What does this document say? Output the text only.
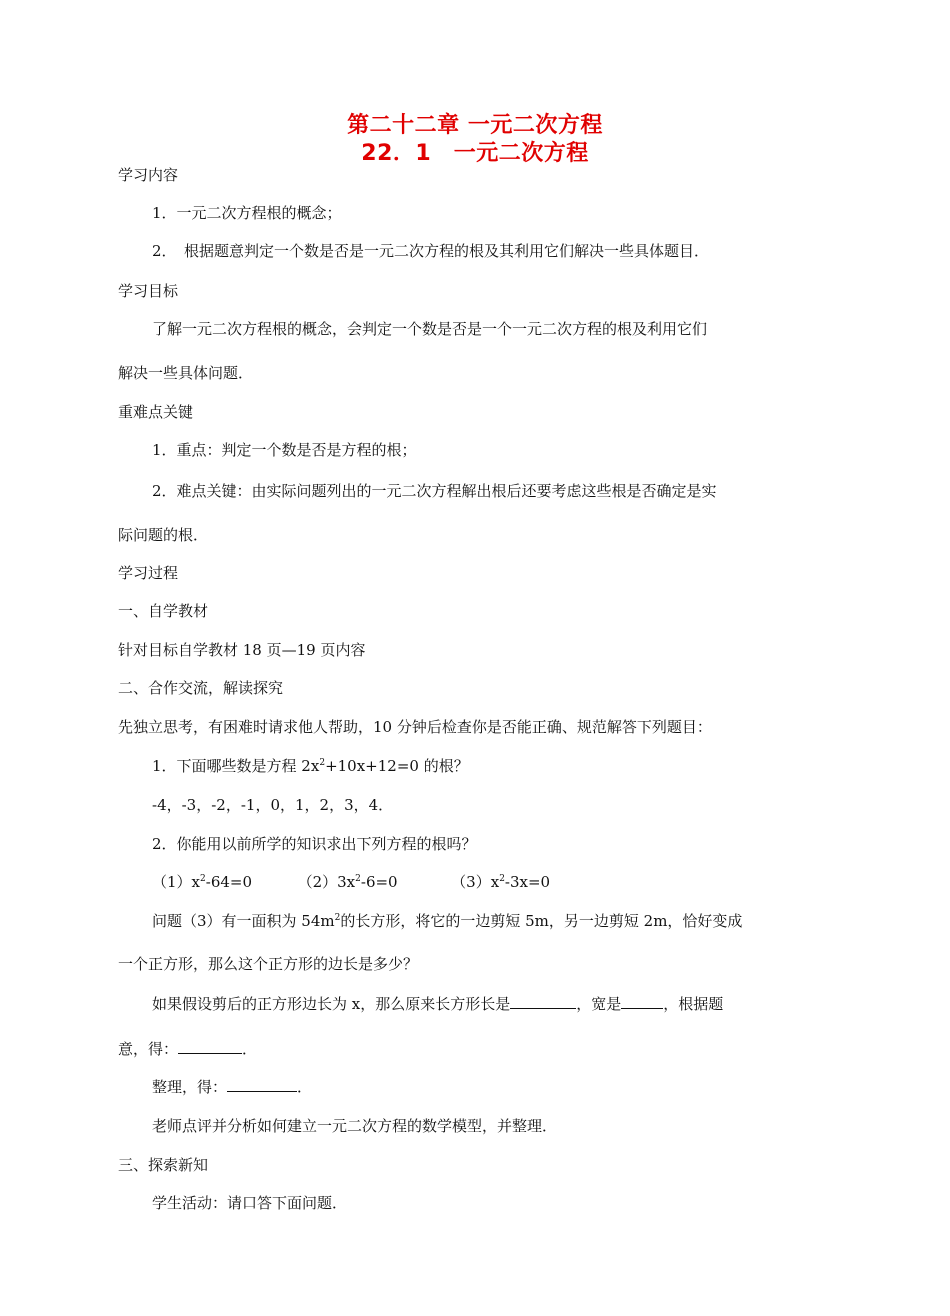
第二十二章 一元二次方程
22．1　一元二次方程
学习内容
1．一元二次方程根的概念；
2．　根据题意判定一个数是否是一元二次方程的根及其利用它们解决一些具体题目．
学习目标
了解一元二次方程根的概念，会判定一个数是否是一个一元二次方程的根及利用它们
解决一些具体问题．
重难点关键
1．重点：判定一个数是否是方程的根；
2．难点关键：由实际问题列出的一元二次方程解出根后还要考虑这些根是否确定是实
际问题的根．
学习过程
一、自学教材
针对目标自学教材 18 页—19 页内容
二、合作交流，解读探究
先独立思考，有困难时请求他人帮助，10 分钟后检查你是否能正确、规范解答下列题目：
1．下面哪些数是方程 $2x^2+10x+12=0$ 的根？
-4，-3，-2，-1，0，1，2，3，4．
2．你能用以前所学的知识求出下列方程的根吗？
$(1)x^2-64=0$	$(2)3x^2-6=0$	$(3)x^2-3x=0$
问题（3）有一面积为 $54m^2$的长方形，将它的一边剪短 5m，另一边剪短 2m，恰好变成
一个正方形，那么这个正方形的边长是多少？
如果假设剪后的正方形边长为 x，那么原来长方形长是	，宽是	，根据题
意，得：	．
整理，得：	．
老师点评并分析如何建立一元二次方程的数学模型，并整理．
三、探索新知
学生活动：请口答下面问题．
